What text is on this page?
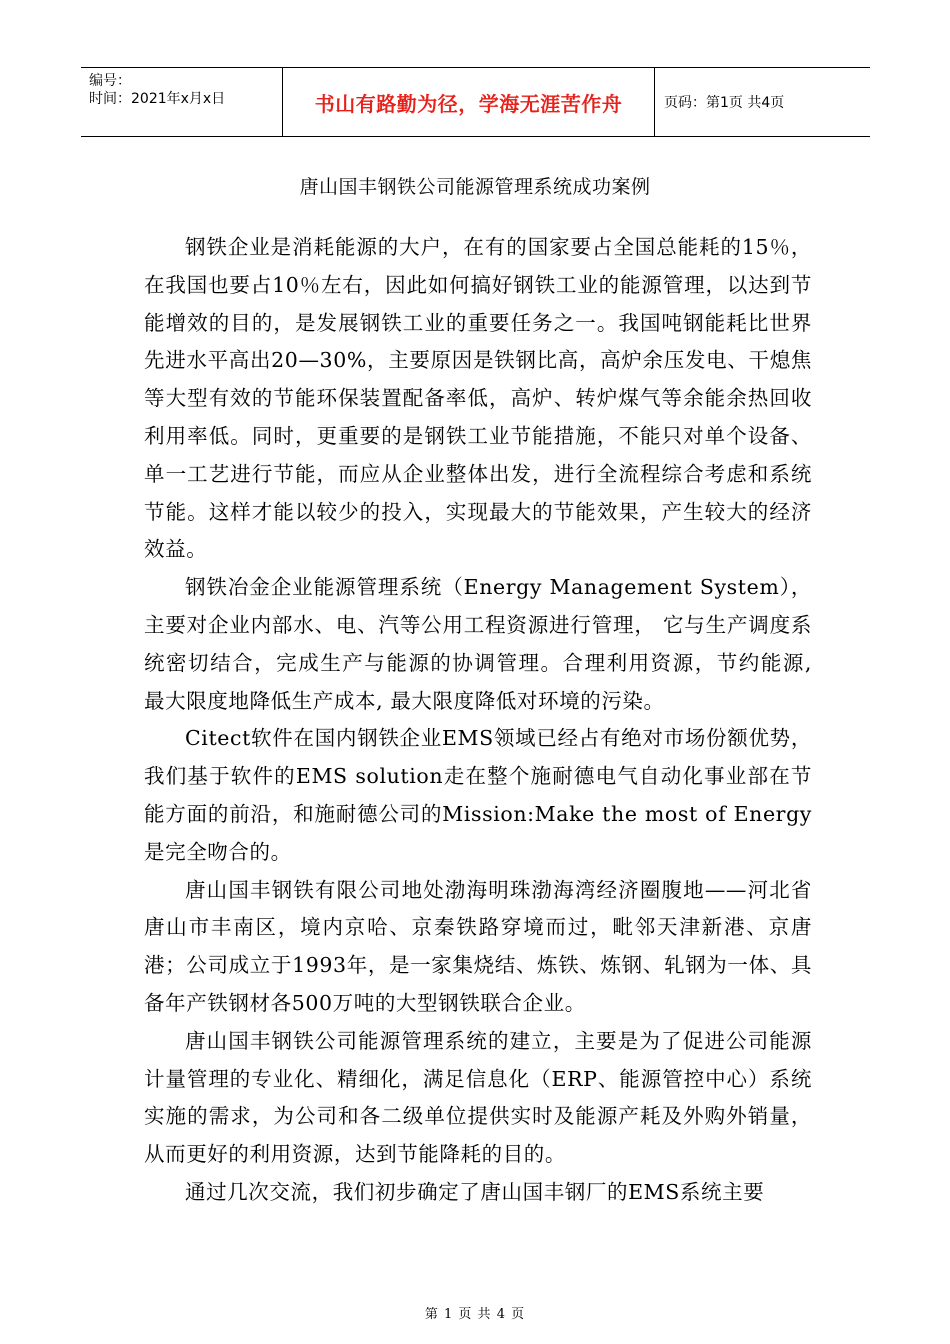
编号：
时间：2021年x月x日	书山有路勤为径，学海无涯苦作舟	页码：第1页 共4页
唐山国丰钢铁公司能源管理系统成功案例

钢铁企业是消耗能源的大户，在有的国家要占全国总能耗的15％，在我国也要占10％左右，因此如何搞好钢铁工业的能源管理，以达到节能增效的目的，是发展钢铁工业的重要任务之一。我国吨钢能耗比世界先进水平高出20—30%，主要原因是铁钢比高，高炉余压发电、干熄焦等大型有效的节能环保装置配备率低，高炉、转炉煤气等余能余热回收利用率低。同时，更重要的是钢铁工业节能措施，不能只对单个设备、单一工艺进行节能，而应从企业整体出发，进行全流程综合考虑和系统节能。这样才能以较少的投入，实现最大的节能效果，产生较大的经济效益。

钢铁冶金企业能源管理系统（Energy Management System），主要对企业内部水、电、汽等公用工程资源进行管理， 它与生产调度系统密切结合，完成生产与能源的协调管理。合理利用资源，节约能源, 最大限度地降低生产成本, 最大限度降低对环境的污染。

Citect软件在国内钢铁企业EMS领域已经占有绝对市场份额优势，我们基于软件的EMS solution走在整个施耐德电气自动化事业部在节能方面的前沿，和施耐德公司的Mission:Make the most of Energy 是完全吻合的。

唐山国丰钢铁有限公司地处渤海明珠渤海湾经济圈腹地——河北省唐山市丰南区，境内京哈、京秦铁路穿境而过，毗邻天津新港、京唐港；公司成立于1993年，是一家集烧结、炼铁、炼钢、轧钢为一体、具备年产铁钢材各500万吨的大型钢铁联合企业。

唐山国丰钢铁公司能源管理系统的建立，主要是为了促进公司能源计量管理的专业化、精细化，满足信息化（ERP、能源管控中心）系统实施的需求，为公司和各二级单位提供实时及能源产耗及外购外销量，从而更好的利用资源，达到节能降耗的目的。

通过几次交流，我们初步确定了唐山国丰钢厂的EMS系统主要

第 1 页 共 4 页
